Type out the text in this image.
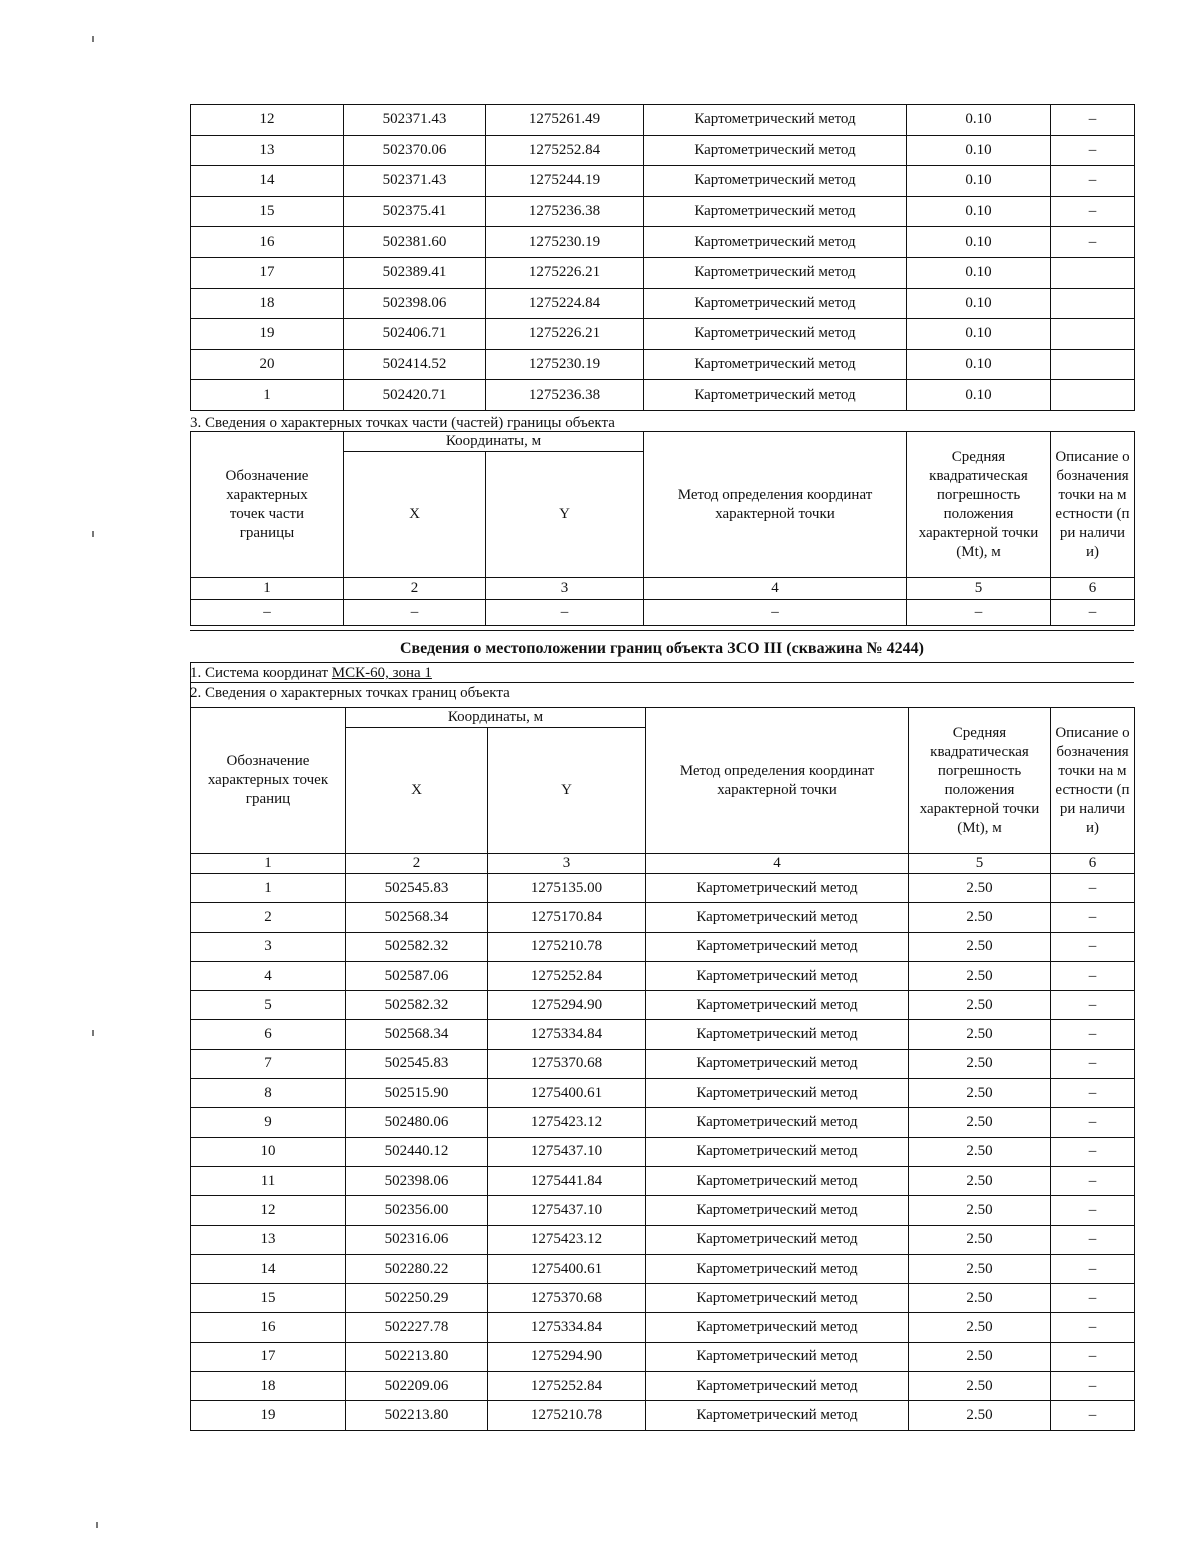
12	502371.43	1275261.49	Картометрический метод	0.10	–
13	502370.06	1275252.84	Картометрический метод	0.10	–
14	502371.43	1275244.19	Картометрический метод	0.10	–
15	502375.41	1275236.38	Картометрический метод	0.10	–
16	502381.60	1275230.19	Картометрический метод	0.10	–
17	502389.41	1275226.21	Картометрический метод	0.10	
18	502398.06	1275224.84	Картометрический метод	0.10	
19	502406.71	1275226.21	Картометрический метод	0.10	
20	502414.52	1275230.19	Картометрический метод	0.10	
1	502420.71	1275236.38	Картометрический метод	0.10	
3. Сведения о характерных точках части (частей) границы объекта
Обозначение характерных точек части границы	Координаты, м		Метод определения координат характерной точки	Средняя квадратическая погрешность положения характерной точки (Mt), м	Описание обозначения точки на местности (при наличии)
	X	Y			
1	2	3	4	5	6
–	–	–	–	–	–
Сведения о местоположении границ объекта ЗСО III (скважина № 4244)
1. Система координат МСК-60, зона 1
2. Сведения о характерных точках границ объекта
Обозначение характерных точек границ	Координаты, м		Метод определения координат характерной точки	Средняя квадратическая погрешность положения характерной точки (Mt), м	Описание обозначения точки на местности (при наличии)
	X	Y			
1	2	3	4	5	6
1	502545.83	1275135.00	Картометрический метод	2.50	–
2	502568.34	1275170.84	Картометрический метод	2.50	–
3	502582.32	1275210.78	Картометрический метод	2.50	–
4	502587.06	1275252.84	Картометрический метод	2.50	–
5	502582.32	1275294.90	Картометрический метод	2.50	–
6	502568.34	1275334.84	Картометрический метод	2.50	–
7	502545.83	1275370.68	Картометрический метод	2.50	–
8	502515.90	1275400.61	Картометрический метод	2.50	–
9	502480.06	1275423.12	Картометрический метод	2.50	–
10	502440.12	1275437.10	Картометрический метод	2.50	–
11	502398.06	1275441.84	Картометрический метод	2.50	–
12	502356.00	1275437.10	Картометрический метод	2.50	–
13	502316.06	1275423.12	Картометрический метод	2.50	–
14	502280.22	1275400.61	Картометрический метод	2.50	–
15	502250.29	1275370.68	Картометрический метод	2.50	–
16	502227.78	1275334.84	Картометрический метод	2.50	–
17	502213.80	1275294.90	Картометрический метод	2.50	–
18	502209.06	1275252.84	Картометрический метод	2.50	–
19	502213.80	1275210.78	Картометрический метод	2.50	–
